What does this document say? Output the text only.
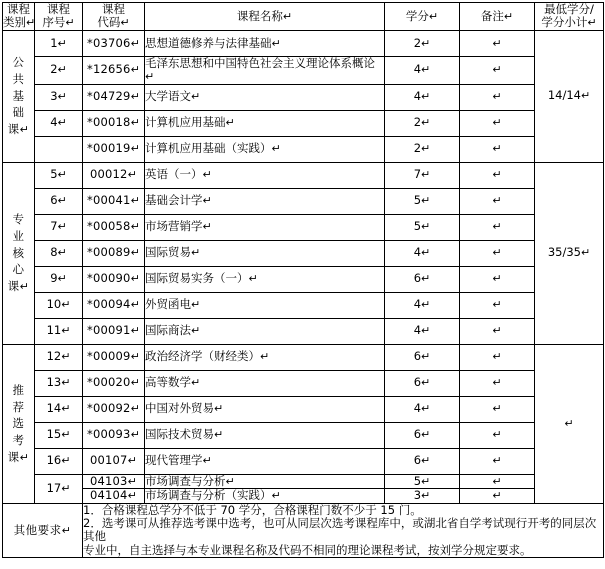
课程
类别↵	课程
序号↵	课程
代码↵	课程名称↵	学分↵	备注↵	最低学分/
学分小计↵

公
共
基
础
课↵	1↵	*03706↵	思想道德修养与法律基础↵	2↵	↵	14/14↵
	2↵	*12656↵	毛泽东思想和中国特色社会主义理论体系概论↵	4↵	↵	
	3↵	*04729↵	大学语文↵	4↵	↵	
	4↵	*00018↵	计算机应用基础↵	2↵	↵	
		*00019↵	计算机应用基础（实践）↵	2↵	↵	

专
业
核
心
课↵	5↵	00012↵	英语（一）↵	7↵	↵	35/35↵
	6↵	*00041↵	基础会计学↵	5↵	↵	
	7↵	*00058↵	市场营销学↵	5↵	↵	
	8↵	*00089↵	国际贸易↵	4↵	↵	
	9↵	*00090↵	国际贸易实务（一）↵	6↵	↵	
	10↵	*00094↵	外贸函电↵	4↵	↵	
	11↵	*00091↵	国际商法↵	4↵	↵	

推
荐
选
考
课↵	12↵	*00009↵	政治经济学（财经类）↵	6↵	↵	↵
	13↵	*00020↵	高等数学↵	6↵	↵	
	14↵	*00092↵	中国对外贸易↵	4↵	↵	
	15↵	*00093↵	国际技术贸易↵	6↵	↵	
	16↵	00107↵	现代管理学↵	6↵	↵	
	17↵	04103↵	市场调查与分析↵	5↵	↵	
		04104↵	市场调查与分析（实践）↵	3↵	↵	
其他要求↵		1．合格课程总学分不低于 70 学分，合格课程门数不少于 15 门。

2．选考课可从推荐选考课中选考，也可从同层次选考课程库中，或湖北省自学考试现行开考的同层次其他

专业中，自主选择与本专业课程名称及代码不相同的理论课程考试，按刘学分规定要求。				
